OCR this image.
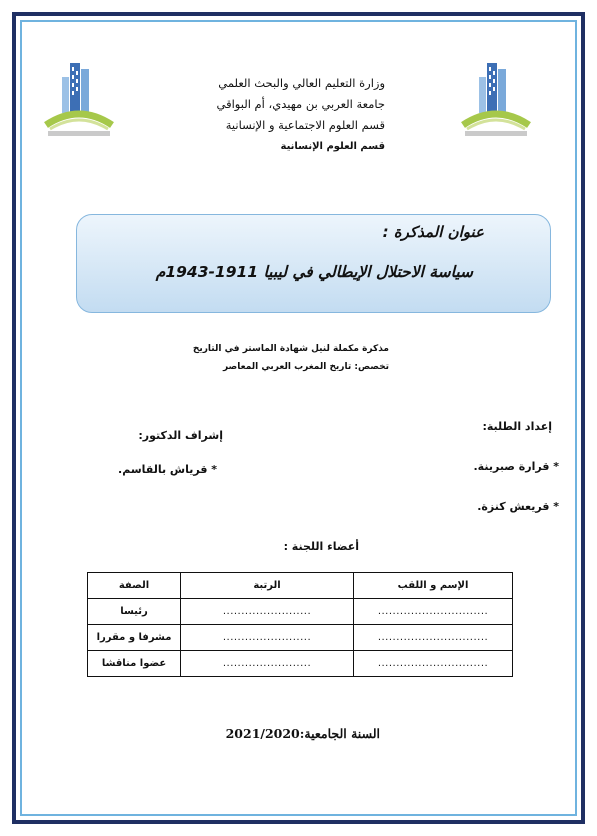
وزارة التعليم العالي والبحث العلمي
جامعة العربي بن مهيدي، أم البواقي
قسم العلوم الاجتماعية و الإنسانية
قسم العلوم الإنسانية
عنوان المذكرة :
سياسة الاحتلال الإيطالي في ليبيا 1911-1943م
مذكرة مكملة لنيل شهادة الماستر في التاريخ
تخصص: تاريخ المغرب العربي المعاصر
إعداد الطلبة:
* قرارة صبرينة.
* قريعش كنزة.
إشراف الدكتور:
* قرياش بالقاسم.
أعضاء اللجنة :
الإسم و اللقب	الرتبة	الصفة
..............................	........................	رئيسا
..............................	........................	مشرفا و مقررا
..............................	........................	عضوا مناقشا
السنة الجامعية:2021/2020
